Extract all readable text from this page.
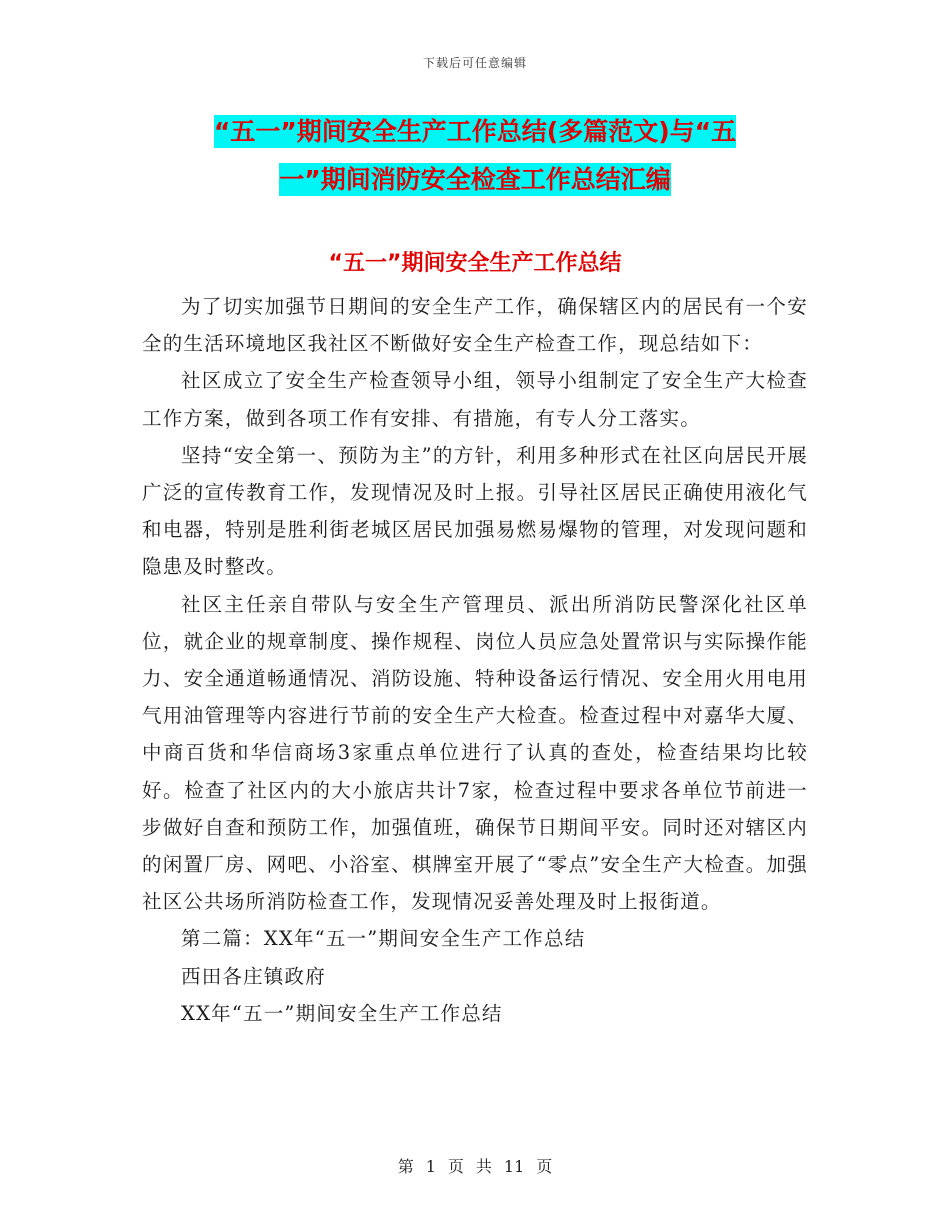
下载后可任意编辑
“五一”期间安全生产工作总结(多篇范文)与“五
一”期间消防安全检查工作总结汇编
“五一”期间安全生产工作总结

为了切实加强节日期间的安全生产工作，确保辖区内的居民有一个安全的生活环境地区我社区不断做好安全生产检查工作，现总结如下：

社区成立了安全生产检查领导小组，领导小组制定了安全生产大检查工作方案，做到各项工作有安排、有措施，有专人分工落实。

坚持“安全第一、预防为主”的方针，利用多种形式在社区向居民开展广泛的宣传教育工作，发现情况及时上报。引导社区居民正确使用液化气和电器，特别是胜利街老城区居民加强易燃易爆物的管理，对发现问题和隐患及时整改。

社区主任亲自带队与安全生产管理员、派出所消防民警深化社区单位，就企业的规章制度、操作规程、岗位人员应急处置常识与实际操作能力、安全通道畅通情况、消防设施、特种设备运行情况、安全用火用电用气用油管理等内容进行节前的安全生产大检查。检查过程中对嘉华大厦、中商百货和华信商场3家重点单位进行了认真的查处，检查结果均比较好。检查了社区内的大小旅店共计7家，检查过程中要求各单位节前进一步做好自查和预防工作，加强值班，确保节日期间平安。同时还对辖区内的闲置厂房、网吧、小浴室、棋牌室开展了“零点”安全生产大检查。加强社区公共场所消防检查工作，发现情况妥善处理及时上报街道。

第二篇：XX年“五一”期间安全生产工作总结

西田各庄镇政府

XX年“五一”期间安全生产工作总结

第 1 页 共 11 页
